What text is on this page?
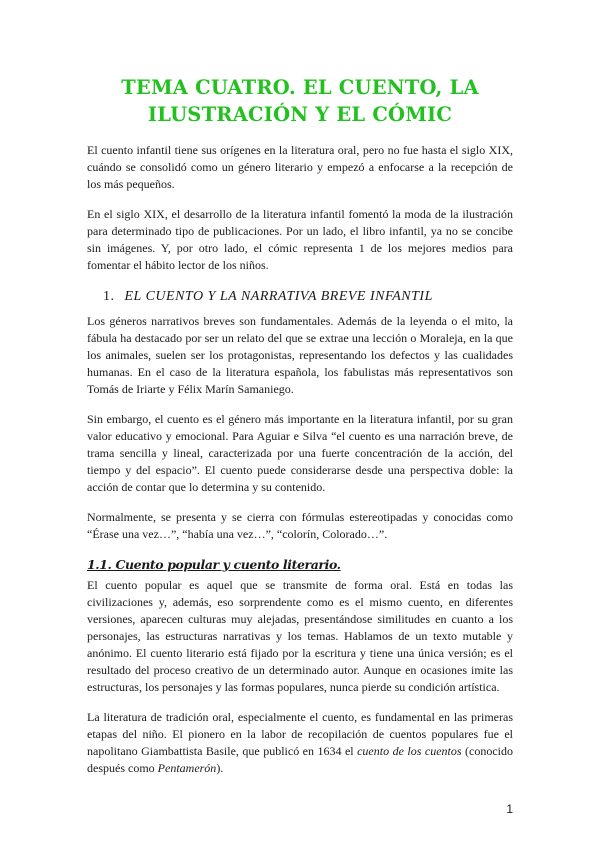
TEMA CUATRO. EL CUENTO, LA
ILUSTRACIÓN Y EL CÓMIC

El cuento infantil tiene sus orígenes en la literatura oral, pero no fue hasta el siglo XIX, cuándo se consolidó como un género literario y empezó a enfocarse a la recepción de los más pequeños.

En el siglo XIX, el desarrollo de la literatura infantil fomentó la moda de la ilustración para determinado tipo de publicaciones. Por un lado, el libro infantil, ya no se concibe sin imágenes. Y, por otro lado, el cómic representa 1 de los mejores medios para fomentar el hábito lector de los niños.

1. EL CUENTO Y LA NARRATIVA BREVE INFANTIL

Los géneros narrativos breves son fundamentales. Además de la leyenda o el mito, la fábula ha destacado por ser un relato del que se extrae una lección o Moraleja, en la que los animales, suelen ser los protagonistas, representando los defectos y las cualidades humanas. En el caso de la literatura española, los fabulistas más representativos son Tomás de Iriarte y Félix Marín Samaniego.

Sin embargo, el cuento es el género más importante en la literatura infantil, por su gran valor educativo y emocional. Para Aguiar e Silva “el cuento es una narración breve, de trama sencilla y lineal, caracterizada por una fuerte concentración de la acción, del tiempo y del espacio”. El cuento puede considerarse desde una perspectiva doble: la acción de contar que lo determina y su contenido.

Normalmente, se presenta y se cierra con fórmulas estereotipadas y conocidas como “Érase una vez…”, “había una vez…”, “colorín, Colorado…”.

1.1. Cuento popular y cuento literario.

El cuento popular es aquel que se transmite de forma oral. Está en todas las civilizaciones y, además, eso sorprendente como es el mismo cuento, en diferentes versiones, aparecen culturas muy alejadas, presentándose similitudes en cuanto a los personajes, las estructuras narrativas y los temas. Hablamos de un texto mutable y anónimo. El cuento literario está fijado por la escritura y tiene una única versión; es el resultado del proceso creativo de un determinado autor. Aunque en ocasiones imite las estructuras, los personajes y las formas populares, nunca pierde su condición artística.

La literatura de tradición oral, especialmente el cuento, es fundamental en las primeras etapas del niño. El pionero en la labor de recopilación de cuentos populares fue el napolitano Giambattista Basile, que publicó en 1634 el cuento de los cuentos (conocido después como Pentamerón).

1
